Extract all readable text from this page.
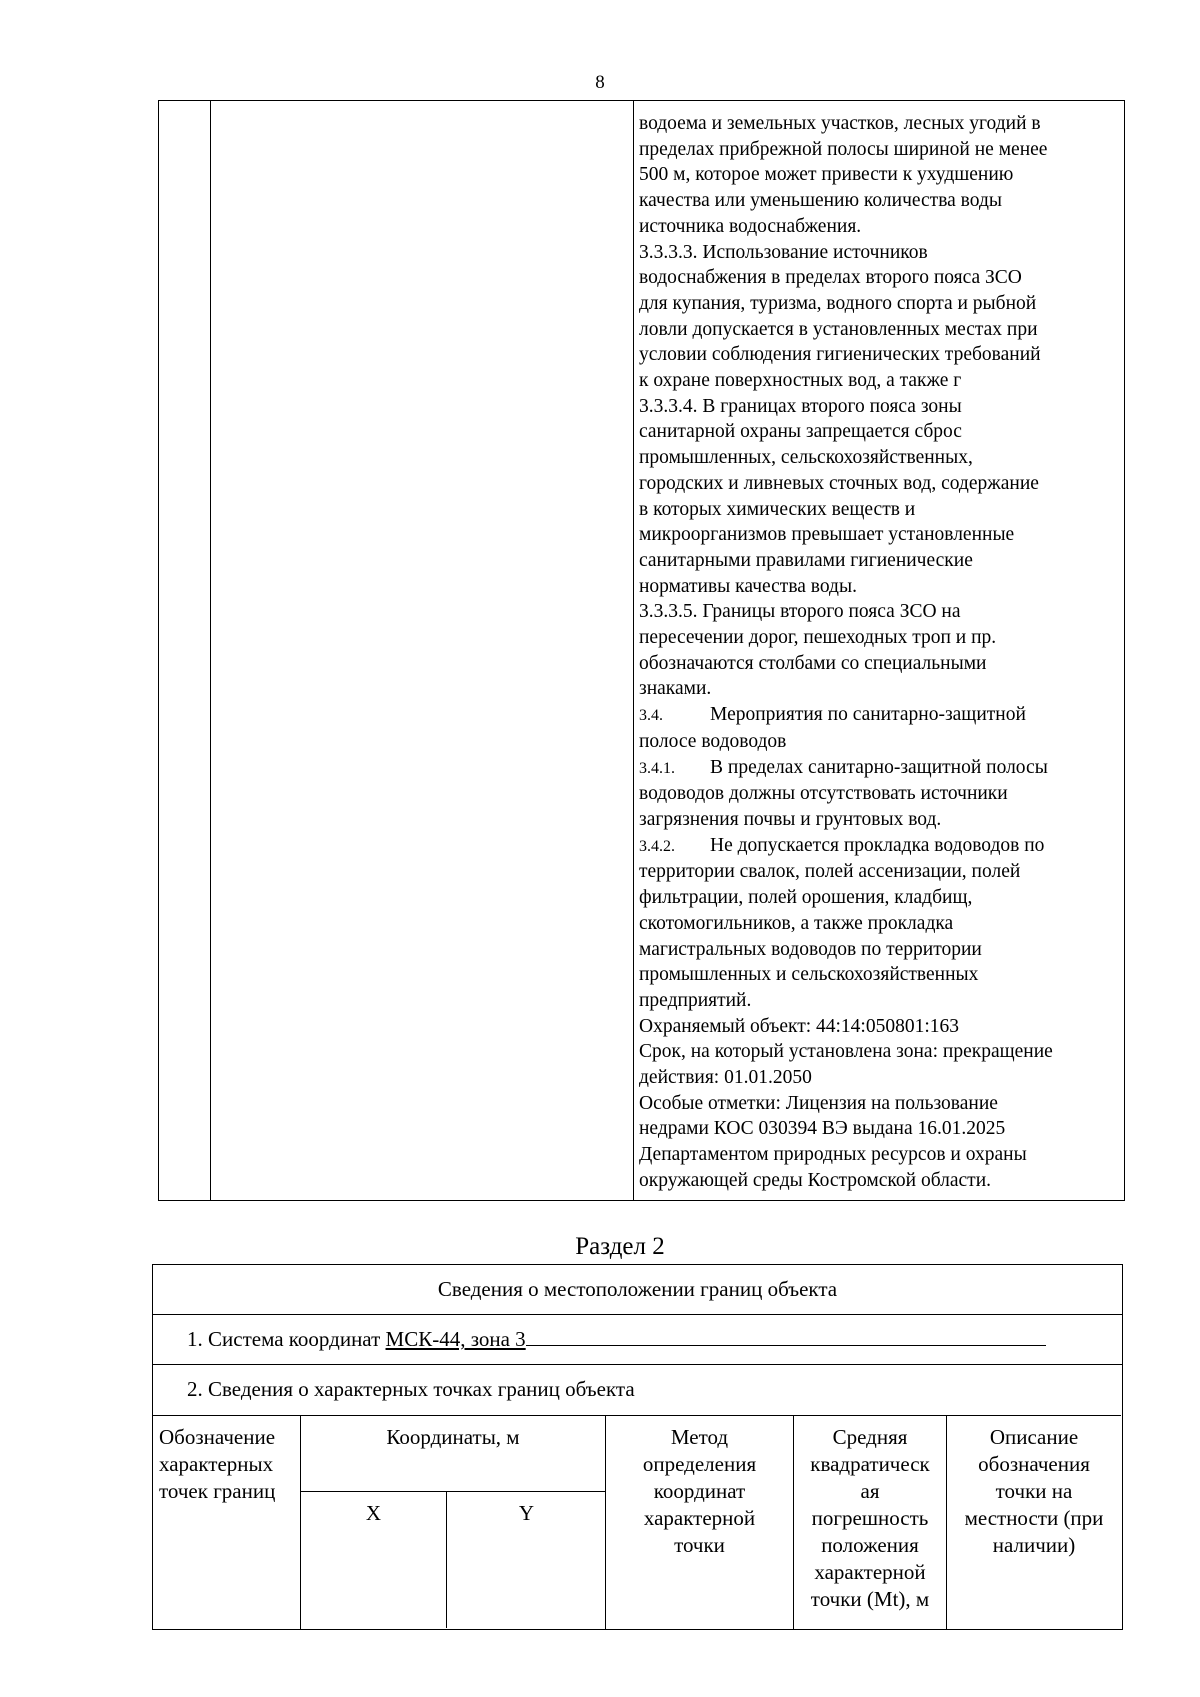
8

водоема и земельных участков, лесных угодий в

пределах прибрежной полосы шириной не менее

500 м, которое может привести к ухудшению

качества или уменьшению количества воды

источника водоснабжения.

3.3.3.3. Использование источников

водоснабжения в пределах второго пояса ЗСО

для купания, туризма, водного спорта и рыбной

ловли допускается в установленных местах при

условии соблюдения гигиенических требований

к охране поверхностных вод, а также г

3.3.3.4. В границах второго пояса зоны

санитарной охраны запрещается сброс

промышленных, сельскохозяйственных,

городских и ливневых сточных вод, содержание

в которых химических веществ и

микроорганизмов превышает установленные

санитарными правилами гигиенические

нормативы качества воды.

3.3.3.5. Границы второго пояса ЗСО на

пересечении дорог, пешеходных троп и пр.

обозначаются столбами со специальными

знаками.

3.4. Мероприятия по санитарно-защитной

полосе водоводов

3.4.1. В пределах санитарно-защитной полосы

водоводов должны отсутствовать источники

загрязнения почвы и грунтовых вод.

3.4.2. Не допускается прокладка водоводов по

территории свалок, полей ассенизации, полей

фильтрации, полей орошения, кладбищ,

скотомогильников, а также прокладка

магистральных водоводов по территории

промышленных и сельскохозяйственных

предприятий.

Охраняемый объект: 44:14:050801:163

Срок, на который установлена зона: прекращение

действия: 01.01.2050

Особые отметки: Лицензия на пользование

недрами КОС 030394 ВЭ выдана 16.01.2025

Департаментом природных ресурсов и охраны

окружающей среды Костромской области.

Раздел 2
Сведения о местоположении границ объекта
1. Система координат МСК-44, зона 3
2. Сведения о характерных точках границ объекта
Обозначение
характерных
точек границ
Координаты, м
X	Y
Метод
определения
координат
характерной
точки
Средняя
квадратическ
ая
погрешность
положения
характерной
точки (Mt), м
Описание
обозначения
точки на
местности (при
наличии)
